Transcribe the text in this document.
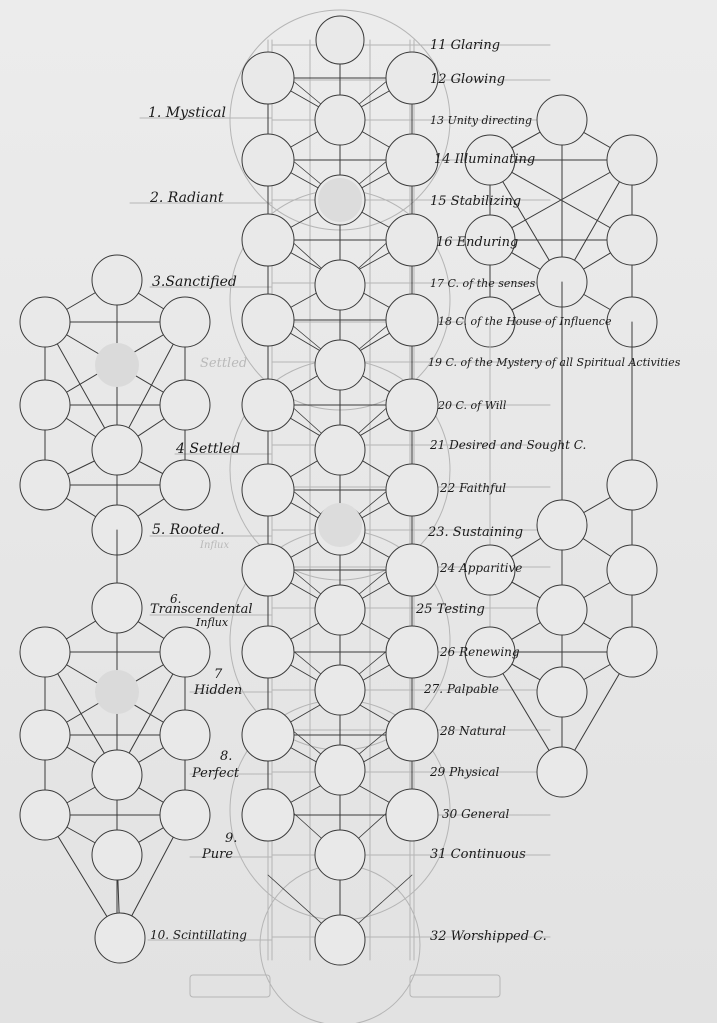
1. Mystical
2. Radiant
3.Sanctified
4 Settled
5. Rooted.
6.
Transcendental
Influx
7
Hidden
8.
Perfect
9.
Pure
10. Scintillating
11 Glaring
12 Glowing
13 Unity directing
14 Illuminating
15 Stabilizing
16 Enduring
17 C. of the senses
18 C. of the House of Influence
19 C. of the Mystery of all Spiritual Activities
20 C. of Will
21 Desired and Sought C.
22 Faithful
23. Sustaining
24 Apparitive
25 Testing
26 Renewing
27. Palpable
28 Natural
29 Physical
30 General
31 Continuous
32 Worshipped C.
Settled
Influx
